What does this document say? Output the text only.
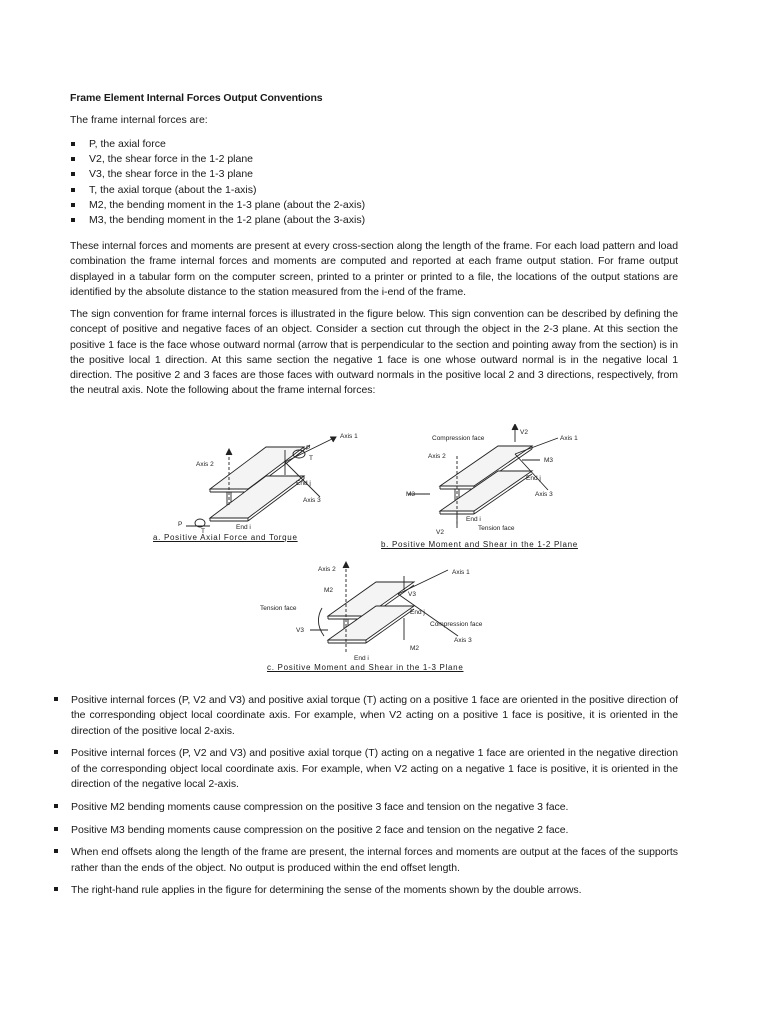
Frame Element Internal Forces Output Conventions
The frame internal forces are:
P, the axial force
V2, the shear force in the 1-2 plane
V3, the shear force in the 1-3 plane
T, the axial torque (about the 1-axis)
M2, the bending moment in the 1-3 plane (about the 2-axis)
M3, the bending moment in the 1-2 plane (about the 3-axis)

These internal forces and moments are present at every cross-section along the length of the frame. For each load pattern and load combination the frame internal forces and moments are computed and reported at each frame output station. For frame output displayed in a tabular form on the computer screen, printed to a printer or printed to a file, the locations of the output stations are identified by the absolute distance to the station measured from the i-end of the frame.

The sign convention for frame internal forces is illustrated in the figure below. This sign convention can be described by defining the concept of positive and negative faces of an object. Consider a section cut through the object in the 2-3 plane. At this section the positive 1 face is the face whose outward normal (arrow that is perpendicular to the section and pointing away from the section) is in the positive local 1 direction. At this same section the negative 1 face is one whose outward normal is in the negative local 1 direction. The positive 2 and 3 faces are those faces with outward normals in the positive local 2 and 3 directions, respectively, from the neutral axis. Note the following about the frame internal forces:

Axis 1
Axis 2
Axis 3
P
T
P
T
End j
End i
a. Positive Axial Force and Torque
Compression face
V2
Axis 1
Axis 2
M3
End j
M3	Axis 3
End i
V2
Tension face
b. Positive Moment and Shear in the 1-2 Plane
Axis 2	Axis 1
M2
V3
Tension face
End j
V3
Compression face
Axis 3
M2
End i
c. Positive Moment and Shear in the 1-3 Plane
Positive internal forces (P, V2 and V3) and positive axial torque (T) acting on a positive 1 face are oriented in the positive direction of the corresponding object local coordinate axis. For example, when V2 acting on a positive 1 face is positive, it is oriented in the direction of the positive local 2-axis.
Positive internal forces (P, V2 and V3) and positive axial torque (T) acting on a negative 1 face are oriented in the negative direction of the corresponding object local coordinate axis. For example, when V2 acting on a negative 1 face is positive, it is oriented in the direction of the negative local 2-axis.
Positive M2 bending moments cause compression on the positive 3 face and tension on the negative 3 face.
Positive M3 bending moments cause compression on the positive 2 face and tension on the negative 2 face.
When end offsets along the length of the frame are present, the internal forces and moments are output at the faces of the supports rather than the ends of the object. No output is produced within the end offset length.
The right-hand rule applies in the figure for determining the sense of the moments shown by the double arrows.
